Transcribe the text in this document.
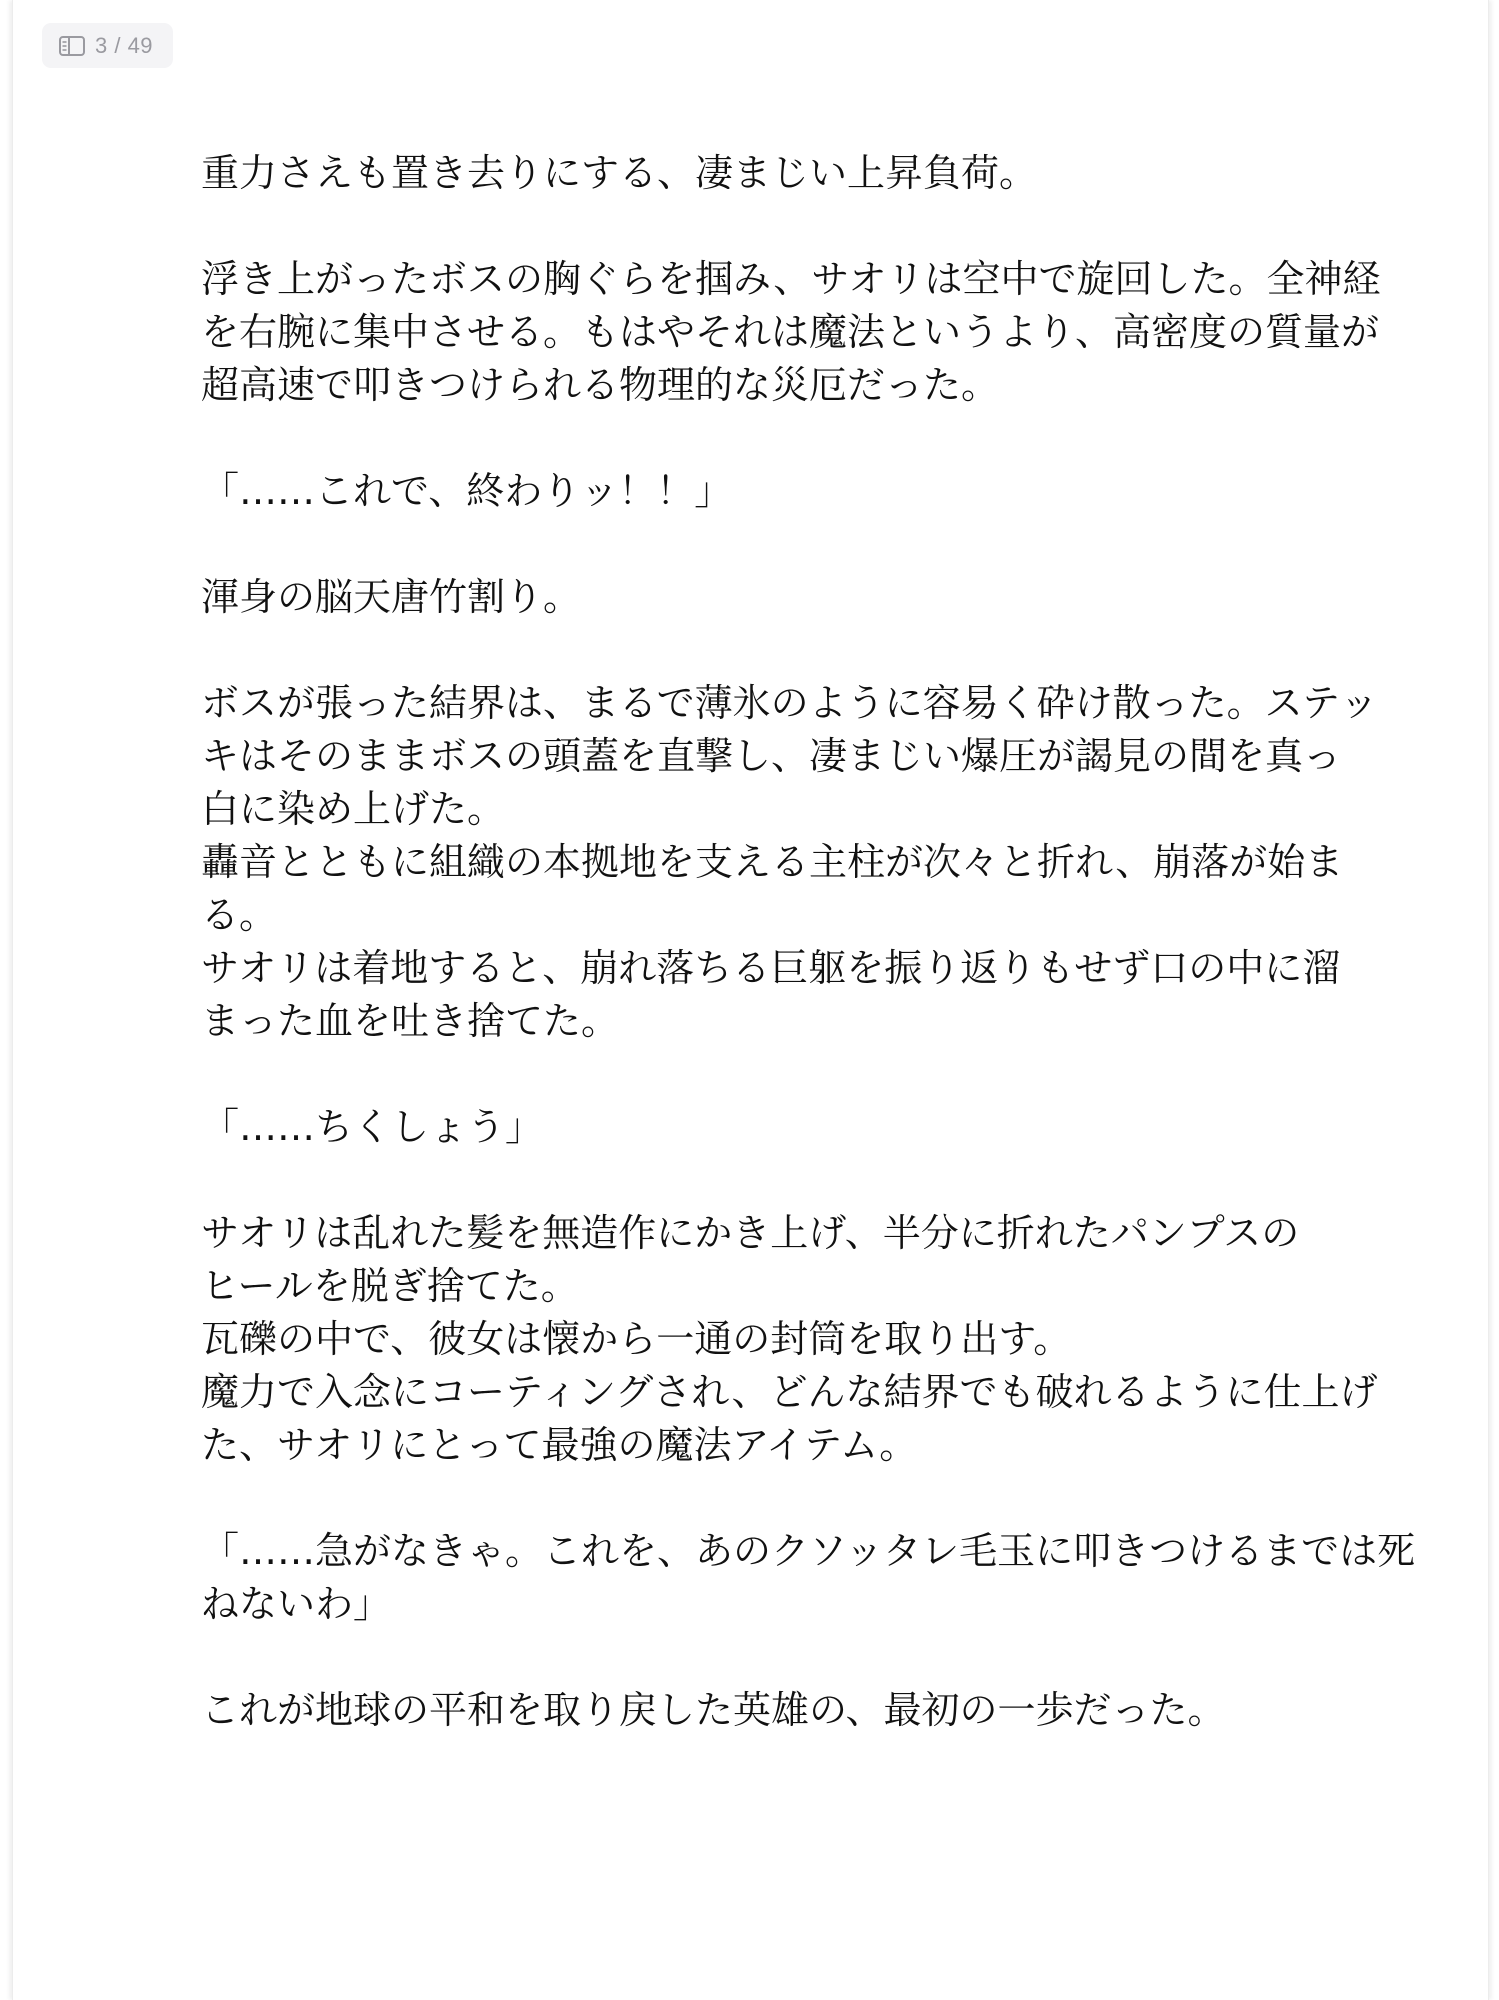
3 / 49
重力さえも置き去りにする、凄まじい上昇負荷。
浮き上がったボスの胸ぐらを掴み、サオリは空中で旋回した。全神経
を右腕に集中させる。もはやそれは魔法というより、高密度の質量が
超高速で叩きつけられる物理的な災厄だった。
「……これで、終わりッ！！」
渾身の脳天唐竹割り。
ボスが張った結界は、まるで薄氷のように容易く砕け散った。ステッ
キはそのままボスの頭蓋を直撃し、凄まじい爆圧が謁見の間を真っ
白に染め上げた。
轟音とともに組織の本拠地を支える主柱が次々と折れ、崩落が始ま
る。
サオリは着地すると、崩れ落ちる巨躯を振り返りもせず口の中に溜
まった血を吐き捨てた。
「……ちくしょう」
サオリは乱れた髪を無造作にかき上げ、半分に折れたパンプスの
ヒールを脱ぎ捨てた。
瓦礫の中で、彼女は懐から一通の封筒を取り出す。
魔力で入念にコーティングされ、どんな結界でも破れるように仕上げ
た、サオリにとって最強の魔法アイテム。
「……急がなきゃ。これを、あのクソッタレ毛玉に叩きつけるまでは死
ねないわ」
これが地球の平和を取り戻した英雄の、最初の一歩だった。
